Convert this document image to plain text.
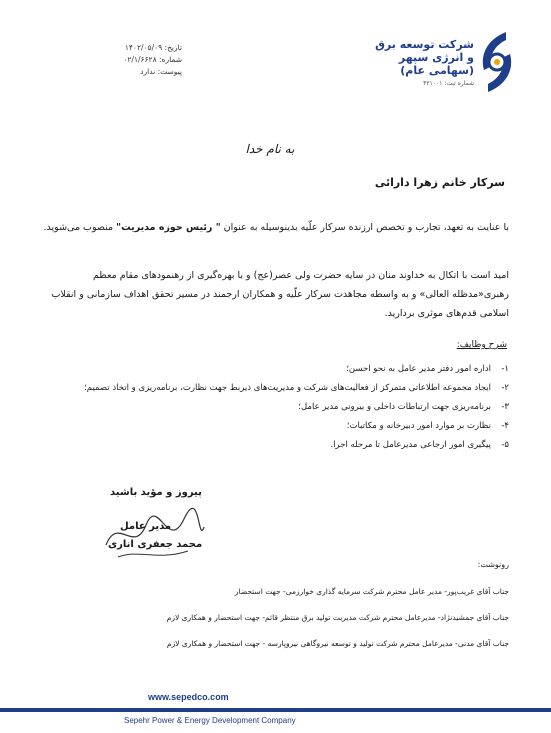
تاریخ: ۱۴۰۲/۰۵/۰۹
شماره: ۰۲/۱/۶۶۲۸
پیوست: ندارد
شرکت توسعه برق
و انرژی سپهر (سهامی عام)
شماره ثبت: ۴۳۱۰۰۱
به نام خدا
سرکار خانم زهرا دارائی
با عنایت به تعهد، تجارب و تخصص ارزنده سرکار علّیه بدینوسیله به عنوان " رئیس حوزه مدیریت" منصوب می‌شوید.
امید است با اتکال به خداوند منان در سایه حضرت ولی عصر(عج) و با بهره‌گیری از رهنمودهای مقام معظم رهبری«مدظله العالی» و به واسطه مجاهدت سرکار علّیه و همکاران ارجمند در مسیر تحقق اهداف سازمانی و انقلاب اسلامی قدم‌های موثری بردارید.
شرح وظایف:
۱-
اداره امور دفتر مدیر عامل به نحو احسن؛
۲-
ایجاد مجموعه اطلاعاتی متمرکز از فعالیت‌های شرکت و مدیریت‌های ذیربط جهت نظارت، برنامه‌ریزی و اتخاذ تصمیم؛
۳-
برنامه‌ریزی جهت ارتباطات داخلی و بیرونی مدیر عامل؛
۴-
نظارت بر موارد امور دبیرخانه و مکاتبات؛
۵-
پیگیری امور ارجاعی مدیرعامل تا مرحله اجرا.
پیروز و مؤید باشید
مدیر عامل
محمد جعفری اناری
رونوشت:
جناب آقای غریب‌پور- مدیر عامل محترم شرکت سرمایه گذاری خوارزمی- جهت استحضار
جناب آقای جمشیدنژاد- مدیرعامل محترم شرکت مدیریت تولید برق منتظر قائم- جهت استحضار و همکاری لازم
جناب آقای مدنی- مدیرعامل محترم شرکت تولید و توسعه نیروگاهی نیروپارسه - جهت استحضار و همکاری لازم
www.sepedco.com
Sepehr Power & Energy Development Company
